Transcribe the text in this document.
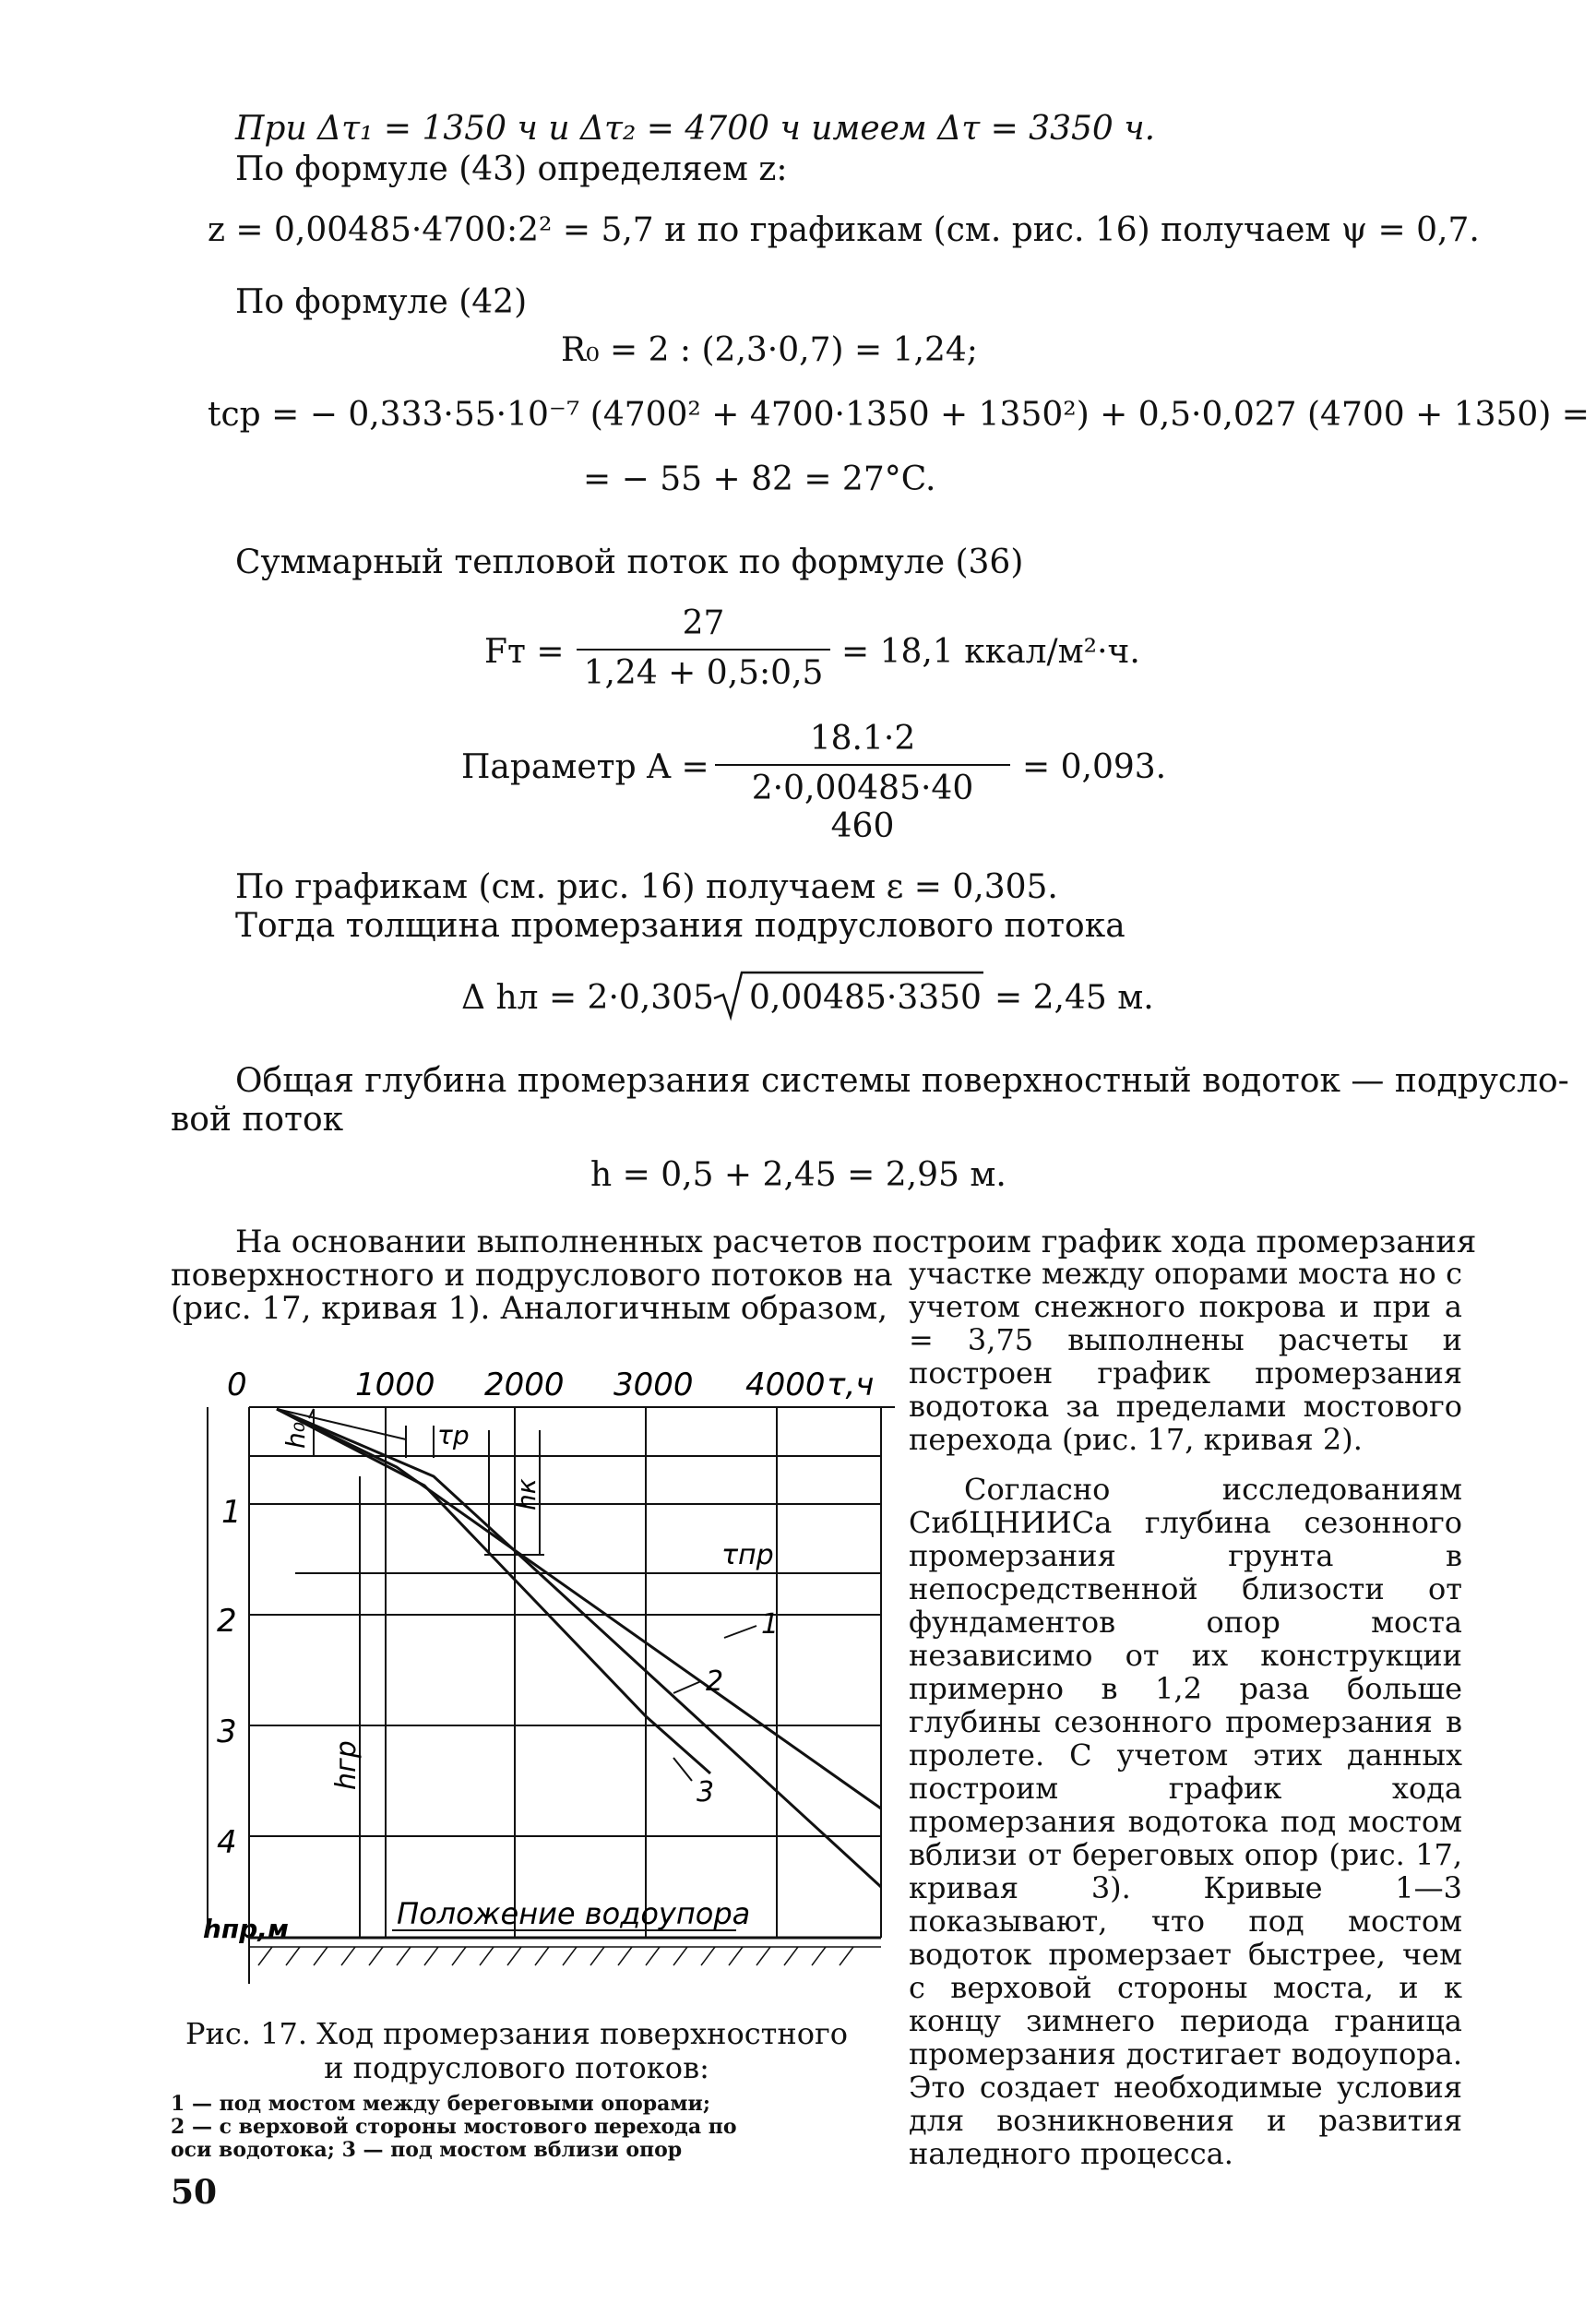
При Δτ₁ = 1350 ч и Δτ₂ = 4700 ч имеем Δτ = 3350 ч.
По формуле (43) определяем z:
z = 0,00485·4700:2² = 5,7 и по графикам (см. рис. 16) получаем ψ = 0,7.
По формуле (42)
R₀ = 2 : (2,3·0,7) = 1,24;
tср = − 0,333·55·10⁻⁷ (4700² + 4700·1350 + 1350²) + 0,5·0,027 (4700 + 1350) =
= − 55 + 82 = 27°C.
Суммарный тепловой поток по формуле (36)
Fт =
27
1,24 + 0,5:0,5
= 18,1 ккал/м²·ч.
Параметр A =
18.1·2
2·0,00485·40 460
= 0,093.
По графикам (см. рис. 16) получаем ε = 0,305.
Тогда толщина промерзания подруслового потока
Δ hл = 2·0,305 0,00485·3350 = 2,45 м.
Общая глубина промерзания системы поверхностный водоток — подрусло-
вой поток
h = 0,5 + 2,45 = 2,95 м.
На основании выполненных расчетов построим график хода промерзания
поверхностного и подруслового потоков на
(рис. 17, кривая 1). Аналогичным образом,

участке между опорами моста но с учетом снежного покрова и при a = 3,75 выполнены расчеты и построен график промерзания водотока за пределами мостового перехода (рис. 17, кривая 2).

Согласно исследованиям СибЦНИИСа глубина сезонного промерзания грунта в непосредственной близости от фундаментов опор моста независимо от их конструкции примерно в 1,2 раза больше глубины сезонного промерзания в пролете. С учетом этих данных построим график хода промерзания водотока под мостом вблизи от береговых опор (рис. 17, кривая 3). Кривые 1—3 показывают, что под мостом водоток промерзает быстрее, чем с верховой стороны моста, и к концу зимнего периода граница промерзания достигает водоупора. Это создает необходимые условия для возникновения и развития наледного процесса.

0	1000 2000 3000 4000 τ,ч
1
2
3
4
hпр,м	Положение водоупора
h₀	τр
hк
τпр
hгр
1
2
3
Рис. 17. Ход промерзания поверхностного
и подруслового потоков:
1 — под мостом между береговыми опорами;
2 — с верховой стороны мостового перехода по
оси водотока; 3 — под мостом вблизи опор
50
